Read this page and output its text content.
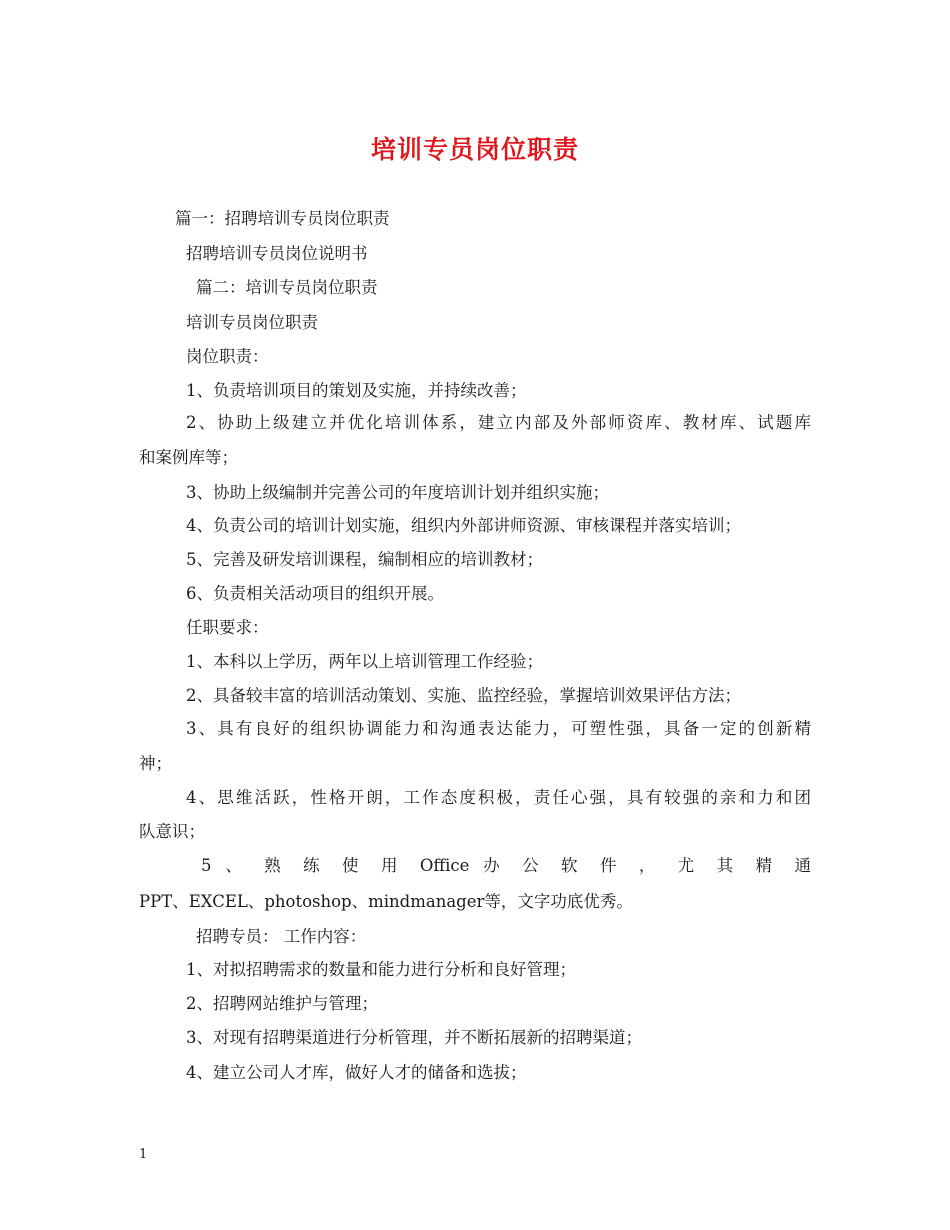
培训专员岗位职责
篇一：招聘培训专员岗位职责
招聘培训专员岗位说明书
篇二：培训专员岗位职责
培训专员岗位职责
岗位职责：
1、负责培训项目的策划及实施，并持续改善；
2、协助上级建立并优化培训体系，建立内部及外部师资库、教材库、试题库
和案例库等；
3、协助上级编制并完善公司的年度培训计划并组织实施；
4、负责公司的培训计划实施，组织内外部讲师资源、审核课程并落实培训；
5、完善及研发培训课程，编制相应的培训教材；
6、负责相关活动项目的组织开展。
任职要求：
1、本科以上学历，两年以上培训管理工作经验；
2、具备较丰富的培训活动策划、实施、监控经验，掌握培训效果评估方法；
3、具有良好的组织协调能力和沟通表达能力，可塑性强，具备一定的创新精
神；
4、思维活跃，性格开朗，工作态度积极，责任心强，具有较强的亲和力和团
队意识；
5 、 熟 练 使 用 Office 办 公 软 件 ， 尤 其 精 通
PPT、EXCEL、photoshop、mindmanager等，文字功底优秀。
招聘专员： 工作内容：
1、对拟招聘需求的数量和能力进行分析和良好管理；
2、招聘网站维护与管理；
3、对现有招聘渠道进行分析管理，并不断拓展新的招聘渠道；
4、建立公司人才库，做好人才的储备和选拔；
1
